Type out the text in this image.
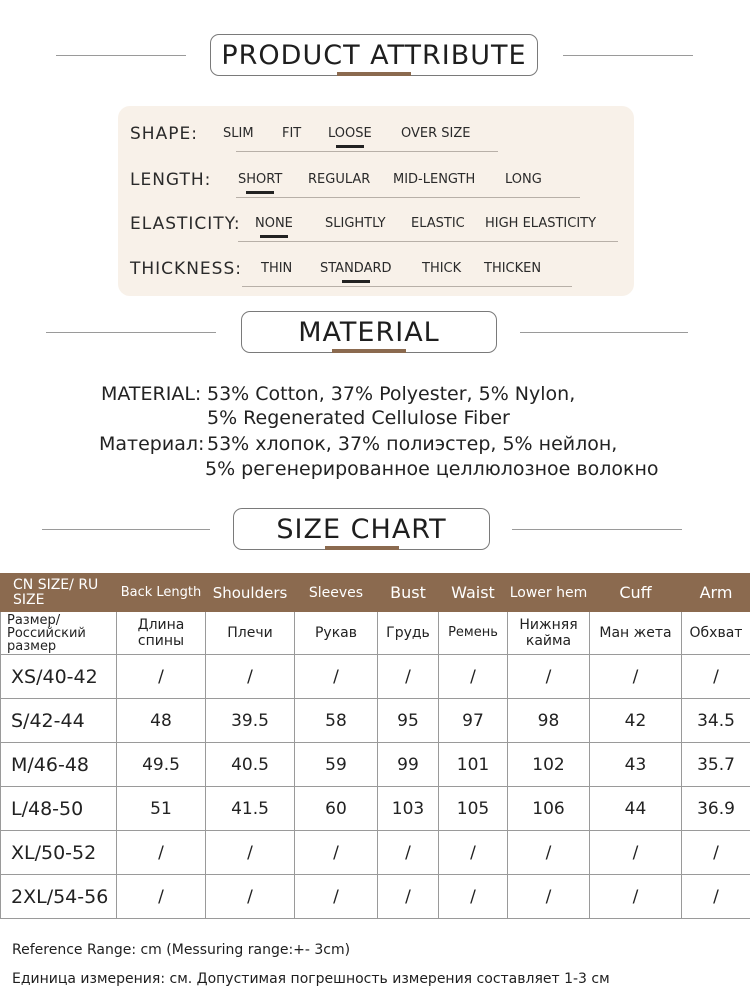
PRODUCT ATTRIBUTE
SHAPE: SLIM FIT LOOSE OVER SIZE
LENGTH: SHORT REGULAR MID-LENGTH LONG
ELASTICITY: NONE SLIGHTLY ELASTIC HIGH ELASTICITY
THICKNESS: THIN STANDARD THICK THICKEN
MATERIAL
MATERIAL: 53% Cotton, 37% Polyester, 5% Nylon,
5% Regenerated Cellulose Fiber
Материал: 53% хлопок, 37% полиэстер, 5% нейлон,
5% регенерированное целлюлозное волокно
SIZE CHART
CN SIZE/ RU SIZE	Back Length	Shoulders	Sleeves	Bust	Waist	Lower hem	Cuff	Arm
Размер/ Российский размер	Длина спины	Плечи	Рукав	Грудь	Ремень	Нижняя кайма	Ман жета	Обхват
XS/40-42	/	/	/	/	/	/	/	/
S/42-44	48	39.5	58	95	97	98	42	34.5
M/46-48	49.5	40.5	59	99	101	102	43	35.7
L/48-50	51	41.5	60	103	105	106	44	36.9
XL/50-52	/	/	/	/	/	/	/	/
2XL/54-56	/	/	/	/	/	/	/	/
Reference Range: cm (Messuring range:+- 3cm)
Единица измерения: см. Допустимая погрешность измерения составляет 1-3 см
